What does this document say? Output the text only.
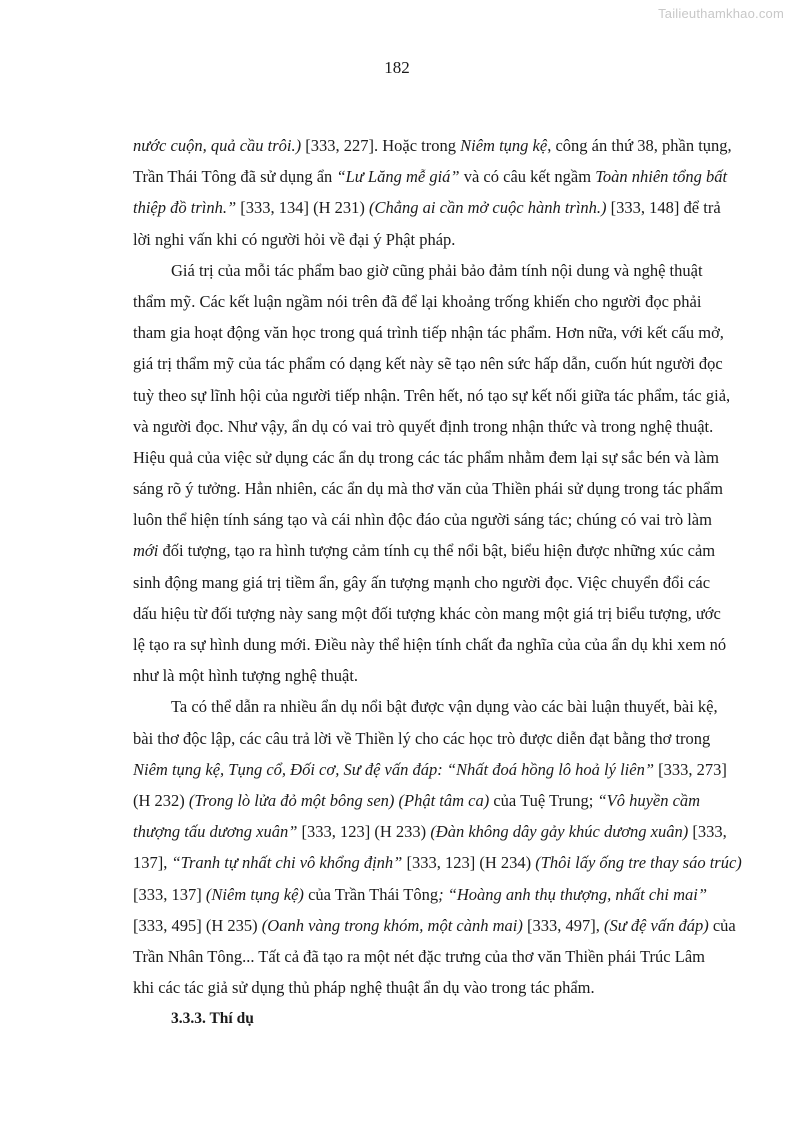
Tailieuthamkhao.com
182
nước cuộn, quả cầu trôi.) [333, 227]. Hoặc trong Niêm tụng kệ, công án thứ 38, phần tụng,
Trần Thái Tông đã sử dụng ẩn “Lư Lăng mễ giá” và có câu kết ngầm Toàn nhiên tổng bất
thiệp đồ trình.” [333, 134] (H 231) (Chẳng ai cần mở cuộc hành trình.) [333, 148] để trả
lời nghi vấn khi có người hỏi về đại ý Phật pháp.
Giá trị của mỗi tác phẩm bao giờ cũng phải bảo đảm tính nội dung và nghệ thuật
thẩm mỹ. Các kết luận ngầm nói trên đã để lại khoảng trống khiến cho người đọc phải
tham gia hoạt động văn học trong quá trình tiếp nhận tác phẩm. Hơn nữa, với kết cấu mở,
giá trị thẩm mỹ của tác phẩm có dạng kết này sẽ tạo nên sức hấp dẫn, cuốn hút người đọc
tuỳ theo sự lĩnh hội của người tiếp nhận. Trên hết, nó tạo sự kết nối giữa tác phẩm, tác giả,
và người đọc. Như vậy, ẩn dụ có vai trò quyết định trong nhận thức và trong nghệ thuật.
Hiệu quả của việc sử dụng các ẩn dụ trong các tác phẩm nhằm đem lại sự sắc bén và làm
sáng rõ ý tưởng. Hẳn nhiên, các ẩn dụ mà thơ văn của Thiền phái sử dụng trong tác phẩm
luôn thể hiện tính sáng tạo và cái nhìn độc đáo của người sáng tác; chúng có vai trò làm
mới đối tượng, tạo ra hình tượng cảm tính cụ thể nổi bật, biểu hiện được những xúc cảm
sinh động mang giá trị tiềm ẩn, gây ấn tượng mạnh cho người đọc. Việc chuyển đổi các
dấu hiệu từ đối tượng này sang một đối tượng khác còn mang một giá trị biểu tượng, ước
lệ tạo ra sự hình dung mới. Điều này thể hiện tính chất đa nghĩa của của ẩn dụ khi xem nó
như là một hình tượng nghệ thuật.
Ta có thể dẫn ra nhiều ẩn dụ nổi bật được vận dụng vào các bài luận thuyết, bài kệ,
bài thơ độc lập, các câu trả lời về Thiền lý cho các học trò được diễn đạt bằng thơ trong
Niêm tụng kệ, Tụng cổ, Đối cơ, Sư đệ vấn đáp: “Nhất đoá hồng lô hoả lý liên” [333, 273]
(H 232) (Trong lò lửa đỏ một bông sen) (Phật tâm ca) của Tuệ Trung; “Vô huyền cầm
thượng tấu dương xuân” [333, 123] (H 233) (Đàn không dây gảy khúc dương xuân) [333,
137], “Tranh tự nhất chi vô khổng định” [333, 123] (H 234) (Thôi lấy ống tre thay sáo trúc)
[333, 137] (Niêm tụng kệ) của Trần Thái Tông; “Hoàng anh thụ thượng, nhất chi mai”
[333, 495] (H 235) (Oanh vàng trong khóm, một cành mai) [333, 497], (Sư đệ vấn đáp) của
Trần Nhân Tông... Tất cả đã tạo ra một nét đặc trưng của thơ văn Thiền phái Trúc Lâm
khi các tác giả sử dụng thủ pháp nghệ thuật ẩn dụ vào trong tác phẩm.
3.3.3. Thí dụ
